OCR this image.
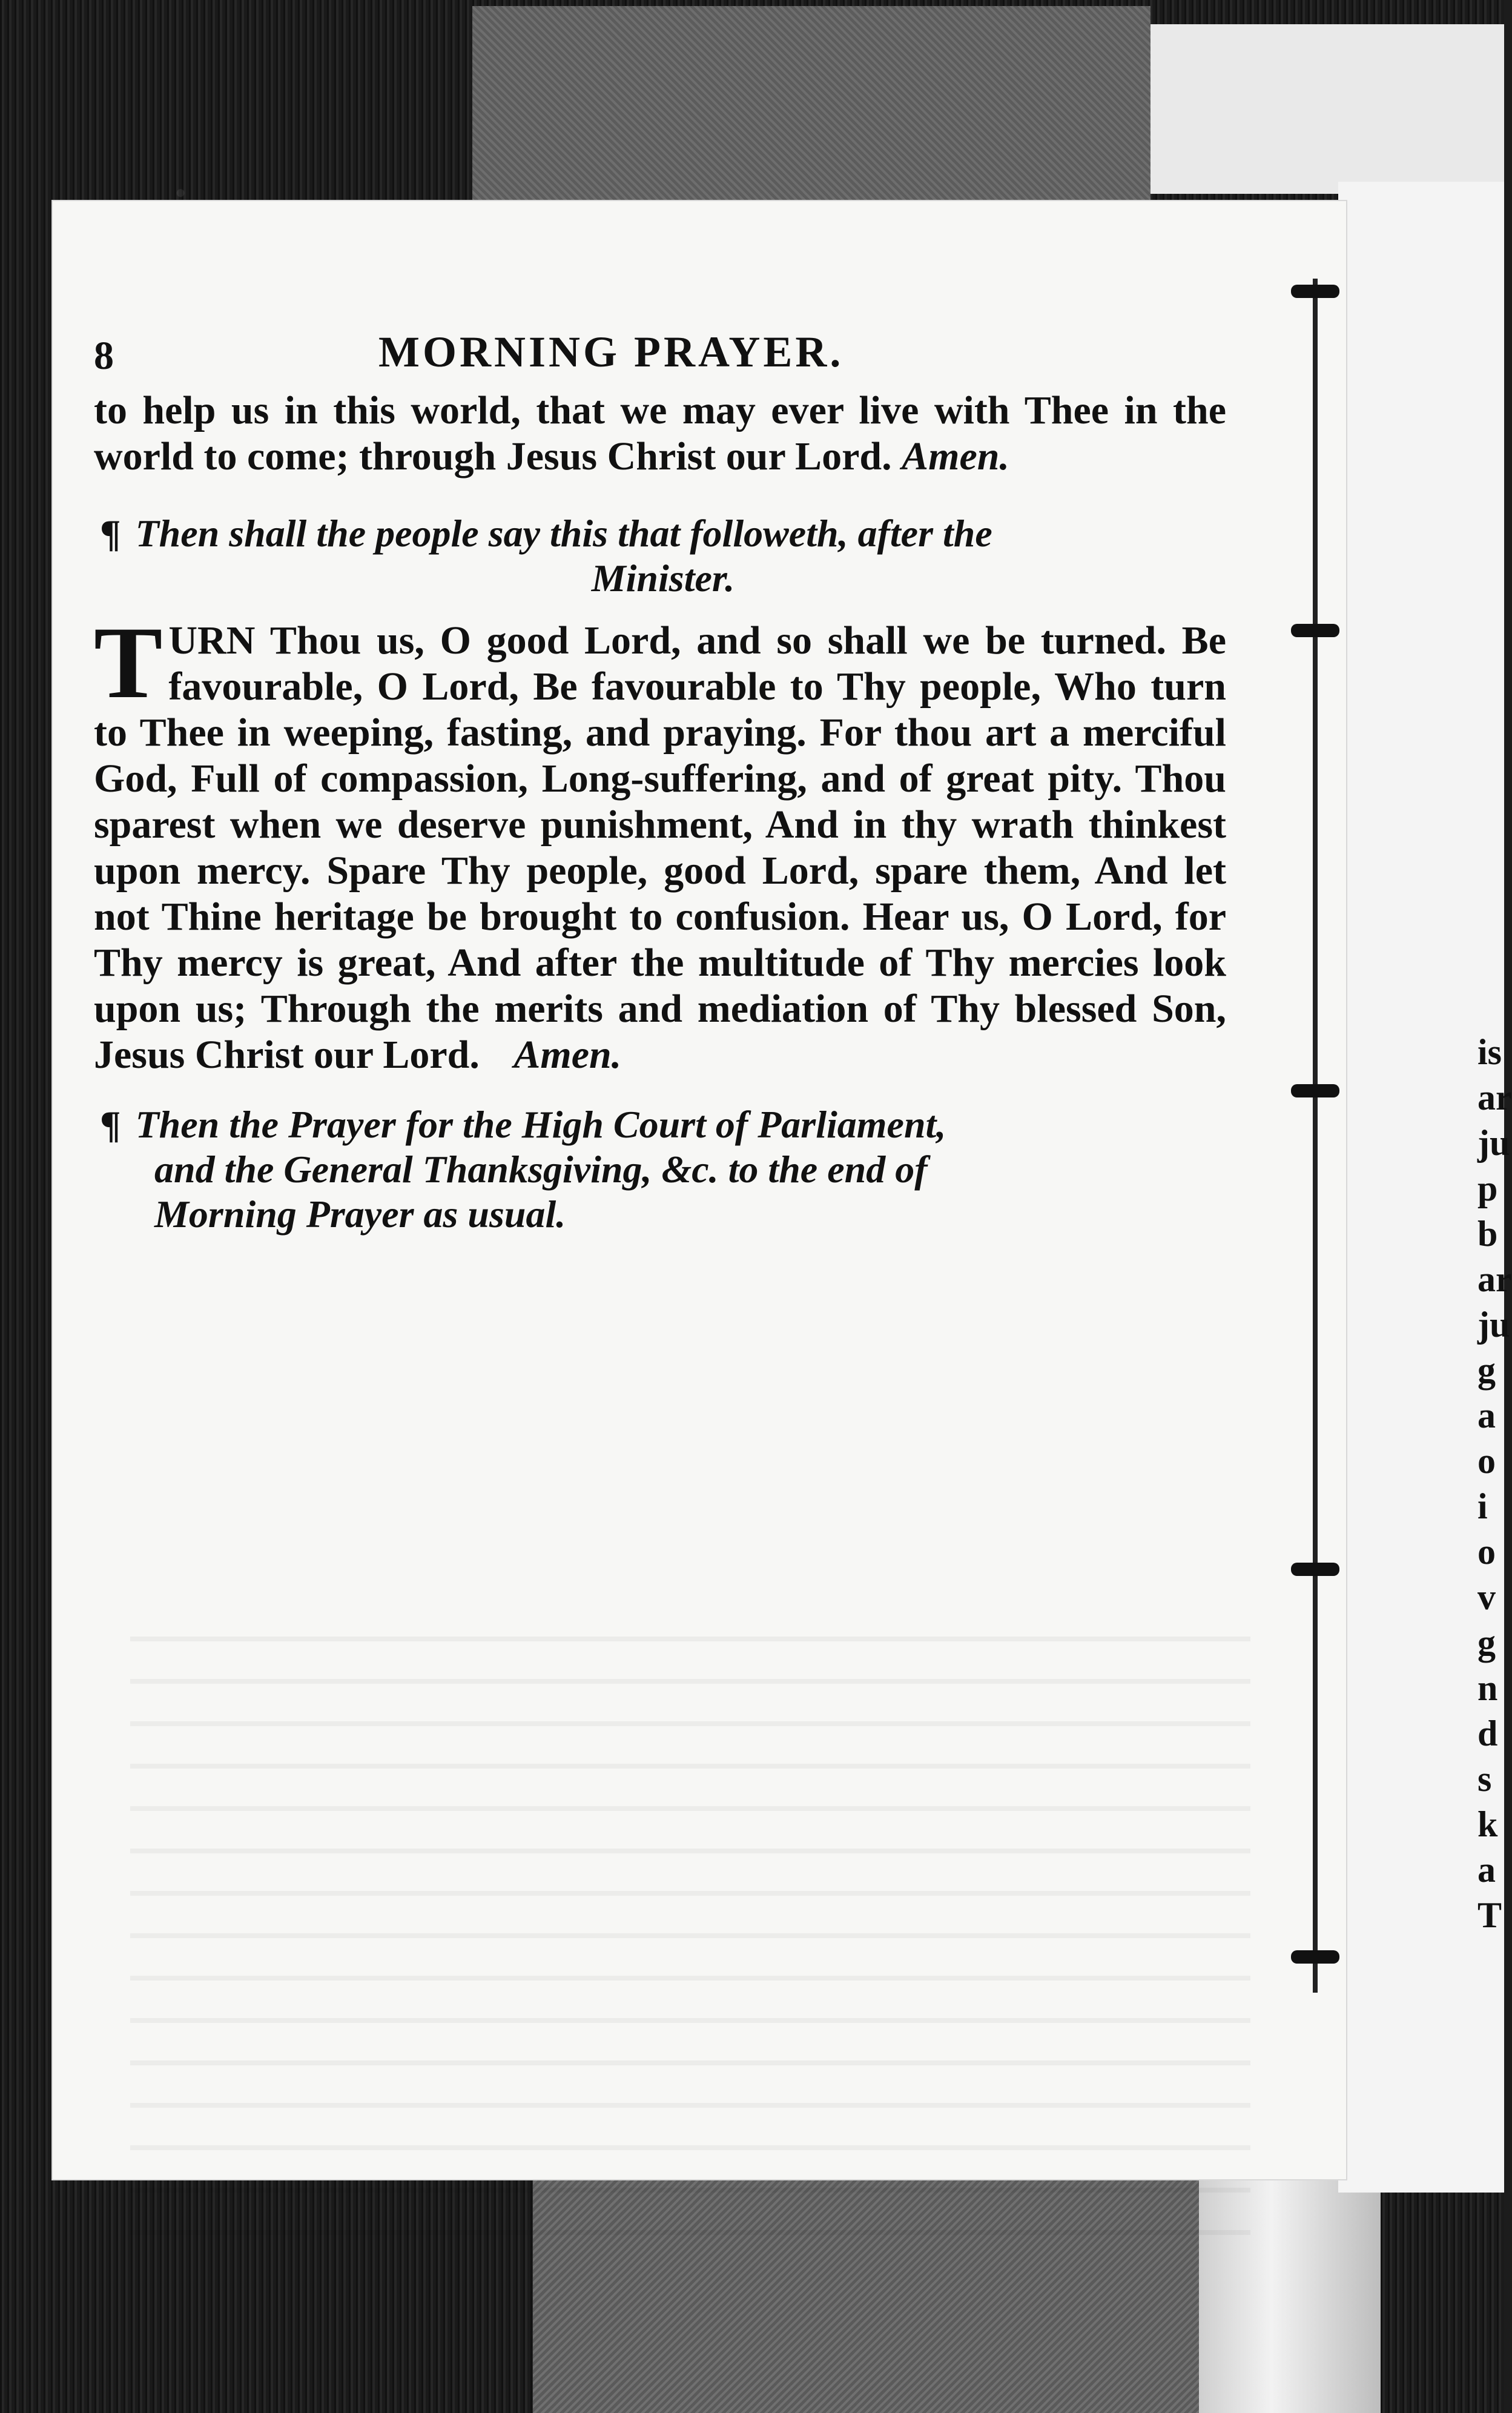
is
ar
ju
p
b
ar
ju
g
a
o
i
o
v
g
n
d
s
k
a
T
8	MORNING PRAYER.

to help us in this world, that we may ever live with Thee in the world to come; through Jesus Christ our Lord. Amen.

¶ Then shall the people say this that followeth, after the
Minister.

T URN Thou us, O good Lord, and so shall we be turned. Be favourable, O Lord, Be favourable to Thy people, Who turn to Thee in weeping, fasting, and praying. For thou art a merciful God, Full of compassion, Long-suffering, and of great pity. Thou sparest when we deserve punishment, And in thy wrath thinkest upon mercy. Spare Thy people, good Lord, spare them, And let not Thine heritage be brought to confusion. Hear us, O Lord, for Thy mercy is great, And after the multitude of Thy mercies look upon us; Through the merits and mediation of Thy blessed Son, Jesus Christ our Lord. Amen.

¶ Then the Prayer for the High Court of Parliament,
and the General Thanksgiving, &c. to the end of
Morning Prayer as usual.
